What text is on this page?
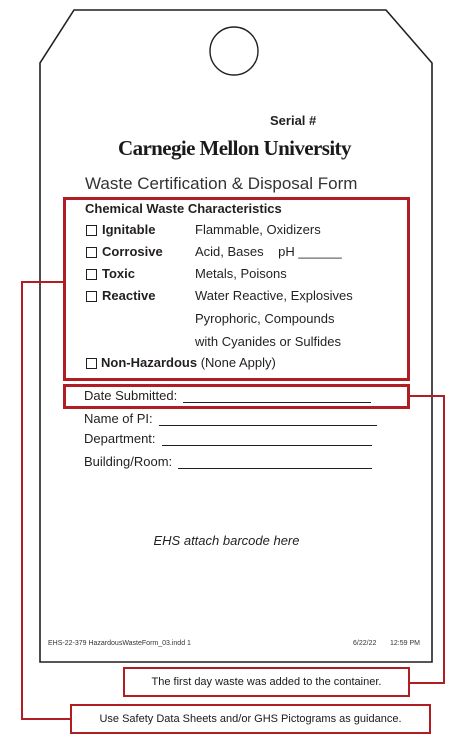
Serial #
Carnegie Mellon University
Waste Certification & Disposal Form
Chemical Waste Characteristics
Ignitable	Flammable, Oxidizers
Corrosive Acid, Bases    pH ______
Toxic	Metals, Poisons
Reactive	Water Reactive, Explosives
Pyrophoric, Compounds
with Cyanides or Sulfides
Non-Hazardous (None Apply)
Date Submitted:
Name of PI:
Department:
Building/Room:
EHS attach barcode here
EHS-22-379 HazardousWasteForm_03.indd 1	6/22/22 12:59 PM
The first day waste was added to the container.
Use Safety Data Sheets and/or GHS Pictograms as guidance.
